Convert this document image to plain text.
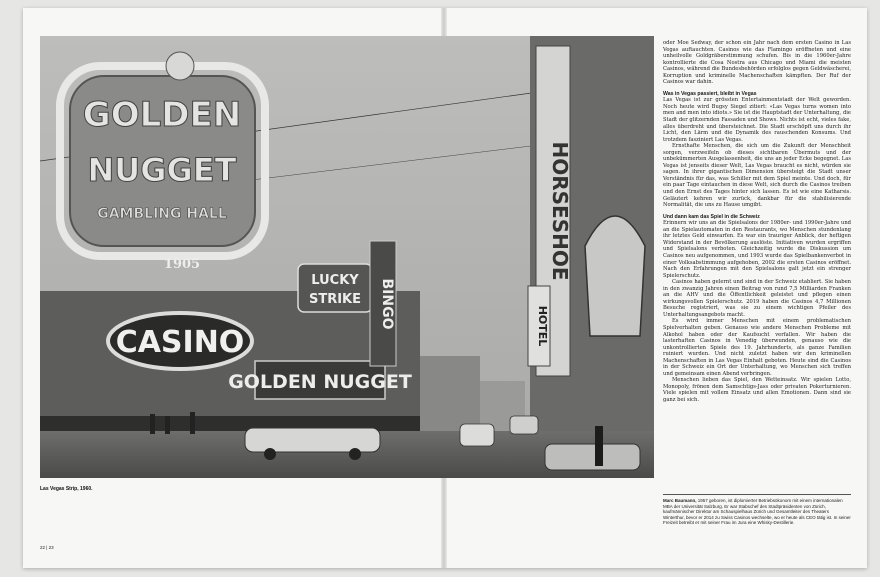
GOLDEN
NUGGET
GAMBLING HALL
1905
CASINO
GOLDEN NUGGET
LUCKY
STRIKE BINGO
HORSESHOE
HOTEL
Las Vegas Strip, 1960.
22 | 23

oder Moe Sedway, der schon ein Jahr nach dem ersten Casino in Las Vegas auftauchten. Casinos wie das Flamingo eröffneten und eine unheilvolle Goldgräberstimmung schufen. Bis in die 1960er-Jahre kontrollierte die Cosa Nostra aus Chicago und Miami die meisten Casinos, während die Bundesbehörden erfolglos gegen Geldwäscherei, Korruption und kriminelle Machenschaften kämpften. Der Ruf der Casinos war dahin.

Was in Vegas passiert, bleibt in Vegas

Las Vegas ist zur grössten Entertainmentstadt der Welt geworden. Noch heute wird Bugsy Siegel zitiert: «Las Vegas turns women into men and men into idiots.» Sie ist die Hauptstadt der Unterhaltung, die Stadt der glitzernden Fassaden und Shows. Nichts ist echt, vieles fake, alles überdreht und übersteichnet. Die Stadt erschöpft uns durch ihr Licht, den Lärm und die Dynamik des rauschenden Konsums. Und trotzdem fasziniert Las Vegas.

Ernsthafte Menschen, die sich um die Zukunft der Menschheit sorgen, verzweifeln ob dieses sichtbaren Übermuts und der unbekümmerten Ausgelassenheit, die uns an jeder Ecke begegnet. Las Vegas ist jenseits dieser Welt, Las Vegas braucht es nicht, würden sie sagen. In ihrer gigantischen Dimension übersteigt die Stadt unser Verständnis für das, was Schiller mit dem Spiel meinte. Und doch, für ein paar Tage eintauchen in diese Welt, sich durch die Casinos treiben und den Ernst des Tages hinter sich lassen. Es ist wie eine Katharsis. Geläutert kehren wir zurück, dankbar für die stabilisierende Normalität, die uns zu Hause umgibt.

Und dann kam das Spiel in die Schweiz

Erinnern wir uns an die Spielsalons der 1980er- und 1990er-Jahre und an die Spielautomaten in den Restaurants, wo Menschen stundenlang ihr letztes Geld einwarfen. Es war ein trauriger Anblick, der heftigen Widerstand in der Bevölkerung auslöste. Initiativen wurden ergriffen und Spielsalons verboten. Gleichzeitig wurde die Diskussion um Casinos neu aufgenommen, und 1993 wurde das Spielbankenverbot in einer Volksabstimmung aufgehoben, 2002 die ersten Casinos eröffnet. Nach den Erfahrungen mit den Spielsalons galt jetzt ein strenger Spielerschutz.

Casinos haben gelernt und sind in der Schweiz etabliert. Sie haben in den zwanzig Jahren einen Beitrag von rund 7,5 Milliarden Franken an die AHV und die Öffentlichkeit geleistet und pflegen einen wirkungsvollen Spielerschutz. 2019 haben die Casinos 4,7 Millionen Besuche registriert, was sie zu einem wichtigen Pfeiler des Unterhaltungsangebots macht.

Es wird immer Menschen mit einem problematischen Spielverhalten geben. Genauso wie andere Menschen Probleme mit Alkohol haben oder der Kaufsucht verfallen. Wir haben die lasterhaften Casinos in Venedig überwunden, genauso wie die unkontrollierten Spiele des 19. Jahrhunderts, als ganze Familien ruiniert wurden. Und nicht zuletzt haben wir den kriminellen Machenschaften in Las Vegas Einhalt geboten. Heute sind die Casinos in der Schweiz ein Ort der Unterhaltung, wo Menschen sich treffen und gemeinsam einen Abend verbringen.

Menschen lieben das Spiel, den Wetteinsatz. Wir spielen Lotto, Monopoly, frönen dem Samschtigs-Jass oder privaten Pokerturnieren. Viele spielen mit vollem Einsatz und allen Emotionen. Dann sind sie ganz bei sich.

Marc Baumann, 1957 geboren, ist diplomierter Betriebsökonom mit einem internationalen MBA der Universität Salzburg. Er war Stabschef des Stadtpräsidenten von Zürich, kaufmännischer Direktor am Schauspielhaus Zürich und Gesamtleiter des Theaters Winterthur, bevor er 2014 zu Swiss Casinos wechselte, wo er heute als CEO tätig ist. In seiner Freizeit betreibt er mit seiner Frau im Jura eine Whisky-Destillerie.
